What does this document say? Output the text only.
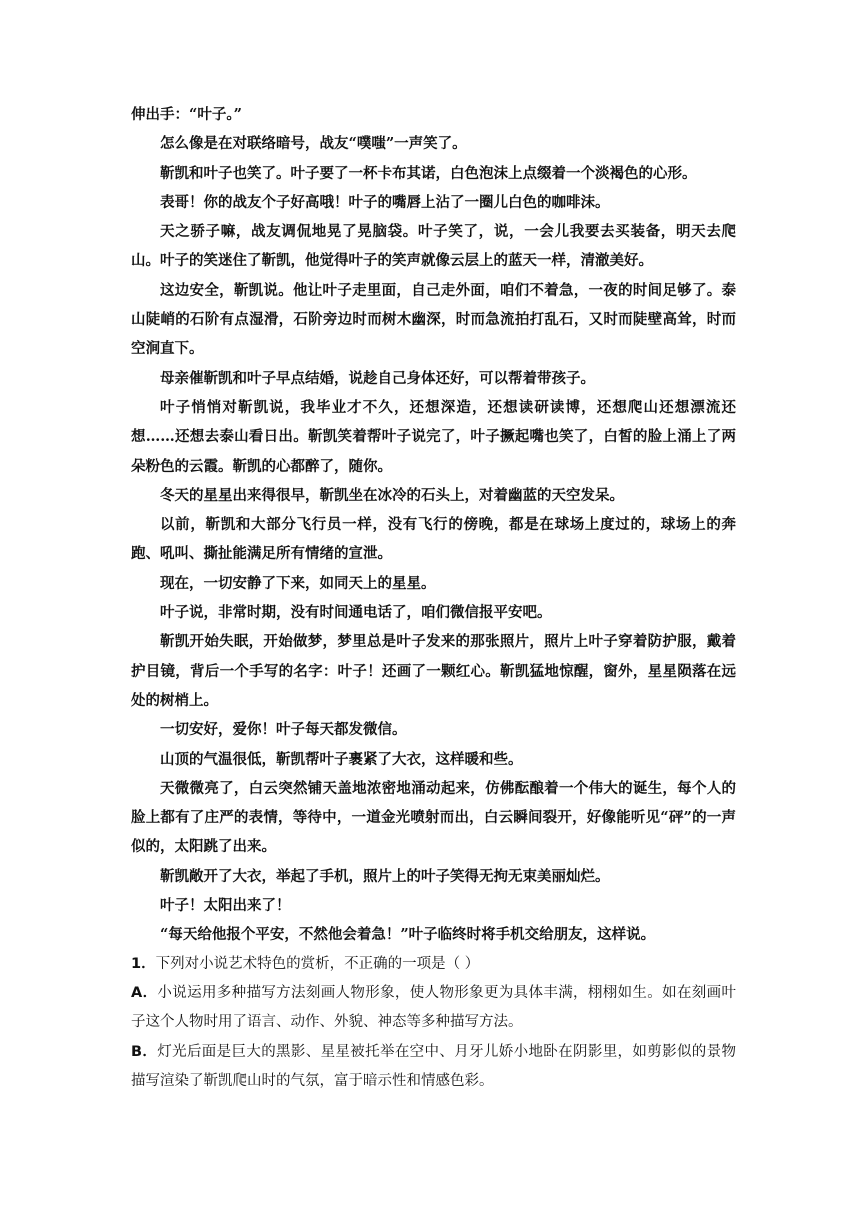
伸出手：“叶子。”

怎么像是在对联络暗号，战友“噗嗤”一声笑了。

靳凯和叶子也笑了。叶子要了一杯卡布其诺，白色泡沫上点缀着一个淡褐色的心形。

表哥！你的战友个子好高哦！叶子的嘴唇上沾了一圈儿白色的咖啡沫。

天之骄子嘛，战友调侃地晃了晃脑袋。叶子笑了，说，一会儿我要去买装备，明天去爬山。叶子的笑迷住了靳凯，他觉得叶子的笑声就像云层上的蓝天一样，清澈美好。

这边安全，靳凯说。他让叶子走里面，自己走外面，咱们不着急，一夜的时间足够了。泰山陡峭的石阶有点湿滑，石阶旁边时而树木幽深，时而急流拍打乱石，又时而陡壁高耸，时而空涧直下。

母亲催靳凯和叶子早点结婚，说趁自己身体还好，可以帮着带孩子。

叶子悄悄对靳凯说，我毕业才不久，还想深造，还想读研读博，还想爬山还想漂流还想……还想去泰山看日出。靳凯笑着帮叶子说完了，叶子撅起嘴也笑了，白皙的脸上涌上了两朵粉色的云霞。靳凯的心都醉了，随你。

冬天的星星出来得很早，靳凯坐在冰冷的石头上，对着幽蓝的天空发呆。

以前，靳凯和大部分飞行员一样，没有飞行的傍晚，都是在球场上度过的，球场上的奔跑、吼叫、撕扯能满足所有情绪的宣泄。

现在，一切安静了下来，如同天上的星星。

叶子说，非常时期，没有时间通电话了，咱们微信报平安吧。

靳凯开始失眠，开始做梦，梦里总是叶子发来的那张照片，照片上叶子穿着防护服，戴着护目镜，背后一个手写的名字：叶子！还画了一颗红心。靳凯猛地惊醒，窗外，星星陨落在远处的树梢上。

一切安好，爱你！叶子每天都发微信。

山顶的气温很低，靳凯帮叶子裹紧了大衣，这样暖和些。

天微微亮了，白云突然铺天盖地浓密地涌动起来，仿佛酝酿着一个伟大的诞生，每个人的脸上都有了庄严的表情，等待中，一道金光喷射而出，白云瞬间裂开，好像能听见“砰”的一声似的，太阳跳了出来。

靳凯敞开了大衣，举起了手机，照片上的叶子笑得无拘无束美丽灿烂。

叶子！太阳出来了！

“每天给他报个平安，不然他会着急！”叶子临终时将手机交给朋友，这样说。

1．下列对小说艺术特色的赏析，不正确的一项是（ ）

A．小说运用多种描写方法刻画人物形象，使人物形象更为具体丰满，栩栩如生。如在刻画叶子这个人物时用了语言、动作、外貌、神态等多种描写方法。

B．灯光后面是巨大的黑影、星星被托举在空中、月牙儿娇小地卧在阴影里，如剪影似的景物描写渲染了靳凯爬山时的气氛，富于暗示性和情感色彩。
